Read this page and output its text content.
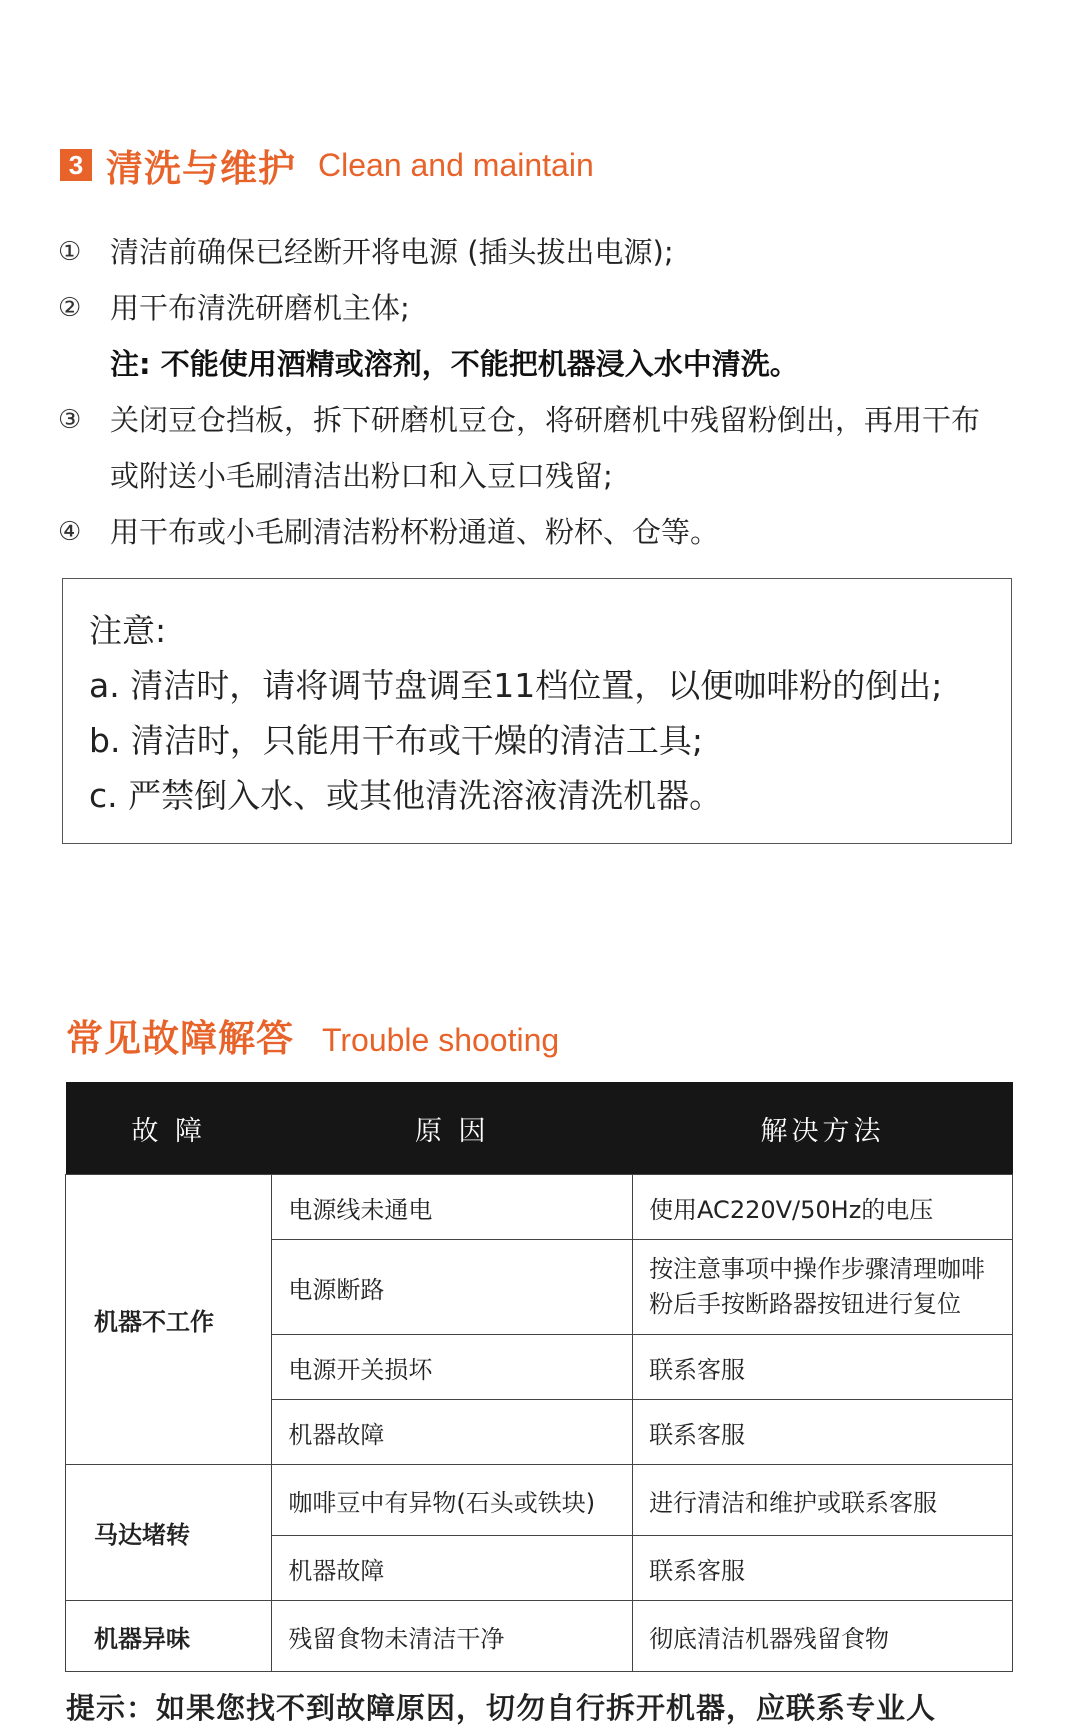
3 清洗与维护 Clean and maintain
① 清洁前确保已经断开将电源 (插头拔出电源);
② 用干布清洗研磨机主体;
注: 不能使用酒精或溶剂，不能把机器浸入水中清洗。
③ 关闭豆仓挡板，拆下研磨机豆仓，将研磨机中残留粉倒出，再用干布
或附送小毛刷清洁出粉口和入豆口残留;
④ 用干布或小毛刷清洁粉杯粉通道、粉杯、仓等。
注意:
a. 清洁时，请将调节盘调至11档位置，以便咖啡粉的倒出;
b. 清洁时，只能用干布或干燥的清洁工具;
c. 严禁倒入水、或其他清洗溶液清洗机器。
常见故障解答 Trouble shooting
故 障	原 因	解决方法
机器不工作	电源线未通电	使用AC220V/50Hz的电压
	电源断路	按注意事项中操作步骤清理咖啡粉后手按断路器按钮进行复位
	电源开关损坏	联系客服
	机器故障	联系客服
马达堵转	咖啡豆中有异物(石头或铁块)	进行清洁和维护或联系客服
	机器故障	联系客服
机器异味	残留食物未清洁干净	彻底清洁机器残留食物
提示：如果您找不到故障原因，切勿自行拆开机器，应联系专业人
